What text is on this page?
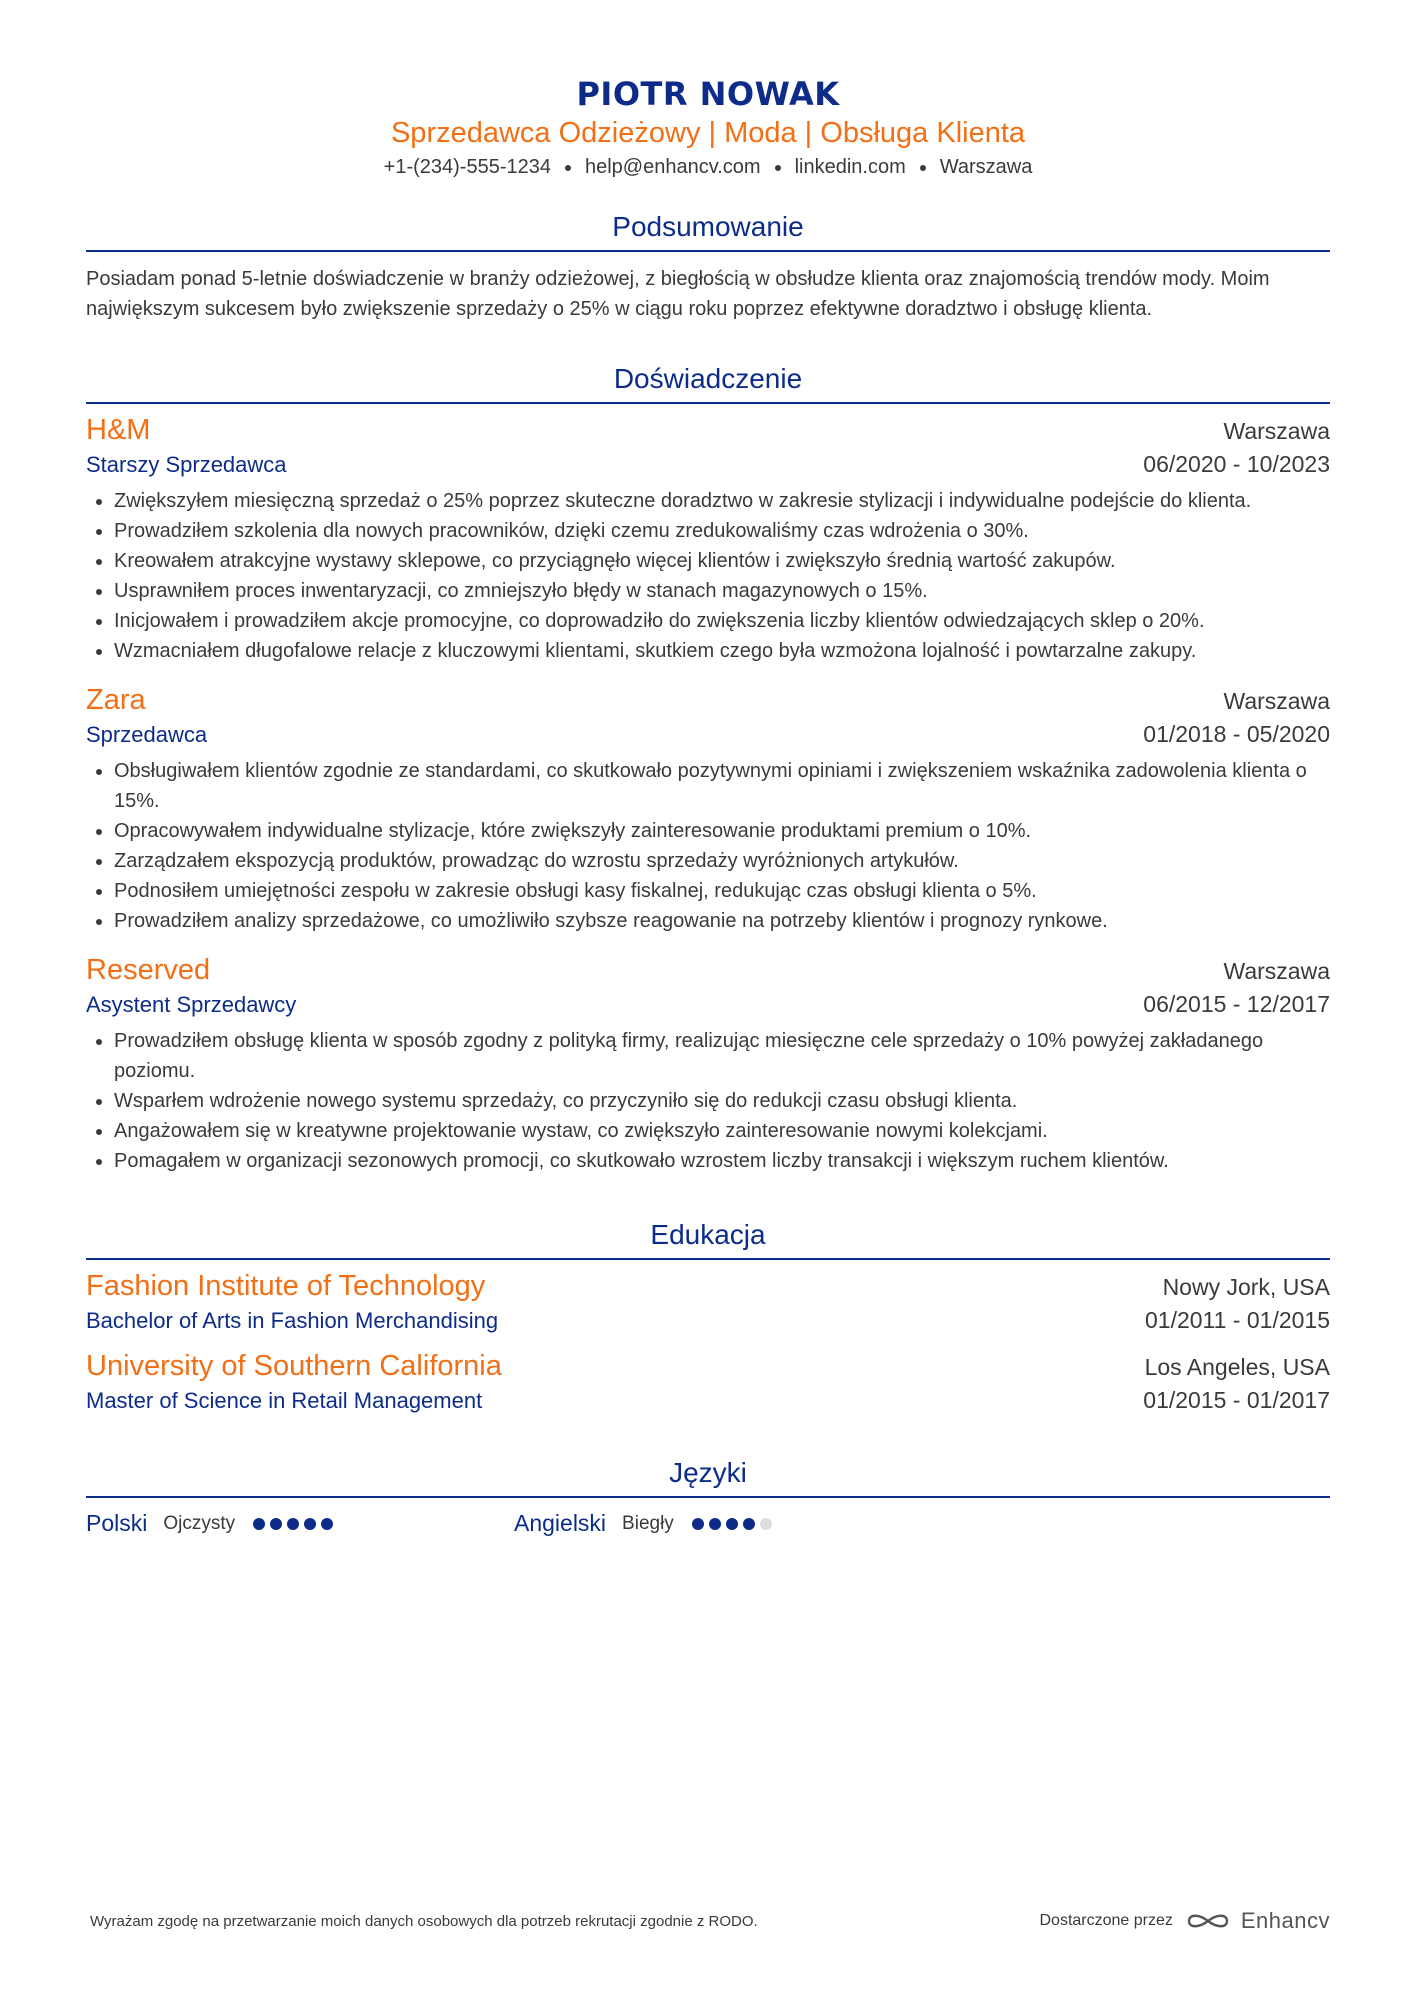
PIOTR NOWAK
Sprzedawca Odzieżowy | Moda | Obsługa Klienta
+1-(234)-555-1234 help@enhancv.com linkedin.com Warszawa
Podsumowanie
Posiadam ponad 5-letnie doświadczenie w branży odzieżowej, z biegłością w obsłudze klienta oraz znajomością trendów mody. Moim największym sukcesem było zwiększenie sprzedaży o 25% w ciągu roku poprzez efektywne doradztwo i obsługę klienta.
Doświadczenie
H&M	Warszawa
Starszy Sprzedawca	06/2020 - 10/2023
Zwiększyłem miesięczną sprzedaż o 25% poprzez skuteczne doradztwo w zakresie stylizacji i indywidualne podejście do klienta.
Prowadziłem szkolenia dla nowych pracowników, dzięki czemu zredukowaliśmy czas wdrożenia o 30%.
Kreowałem atrakcyjne wystawy sklepowe, co przyciągnęło więcej klientów i zwiększyło średnią wartość zakupów.
Usprawniłem proces inwentaryzacji, co zmniejszyło błędy w stanach magazynowych o 15%.
Inicjowałem i prowadziłem akcje promocyjne, co doprowadziło do zwiększenia liczby klientów odwiedzających sklep o 20%.
Wzmacniałem długofalowe relacje z kluczowymi klientami, skutkiem czego była wzmożona lojalność i powtarzalne zakupy.
Zara	Warszawa
Sprzedawca	01/2018 - 05/2020
Obsługiwałem klientów zgodnie ze standardami, co skutkowało pozytywnymi opiniami i zwiększeniem wskaźnika zadowolenia klienta o 15%.
Opracowywałem indywidualne stylizacje, które zwiększyły zainteresowanie produktami premium o 10%.
Zarządzałem ekspozycją produktów, prowadząc do wzrostu sprzedaży wyróżnionych artykułów.
Podnosiłem umiejętności zespołu w zakresie obsługi kasy fiskalnej, redukując czas obsługi klienta o 5%.
Prowadziłem analizy sprzedażowe, co umożliwiło szybsze reagowanie na potrzeby klientów i prognozy rynkowe.
Reserved	Warszawa
Asystent Sprzedawcy	06/2015 - 12/2017
Prowadziłem obsługę klienta w sposób zgodny z polityką firmy, realizując miesięczne cele sprzedaży o 10% powyżej zakładanego poziomu.
Wsparłem wdrożenie nowego systemu sprzedaży, co przyczyniło się do redukcji czasu obsługi klienta.
Angażowałem się w kreatywne projektowanie wystaw, co zwiększyło zainteresowanie nowymi kolekcjami.
Pomagałem w organizacji sezonowych promocji, co skutkowało wzrostem liczby transakcji i większym ruchem klientów.
Edukacja
Fashion Institute of Technology	Nowy Jork, USA
Bachelor of Arts in Fashion Merchandising	01/2011 - 01/2015
University of Southern California	Los Angeles, USA
Master of Science in Retail Management	01/2015 - 01/2017
Języki
Polski Ojczysty	Angielski Biegły
Wyrażam zgodę na przetwarzanie moich danych osobowych dla potrzeb rekrutacji zgodnie z RODO.	Dostarczone przez	Enhancv
